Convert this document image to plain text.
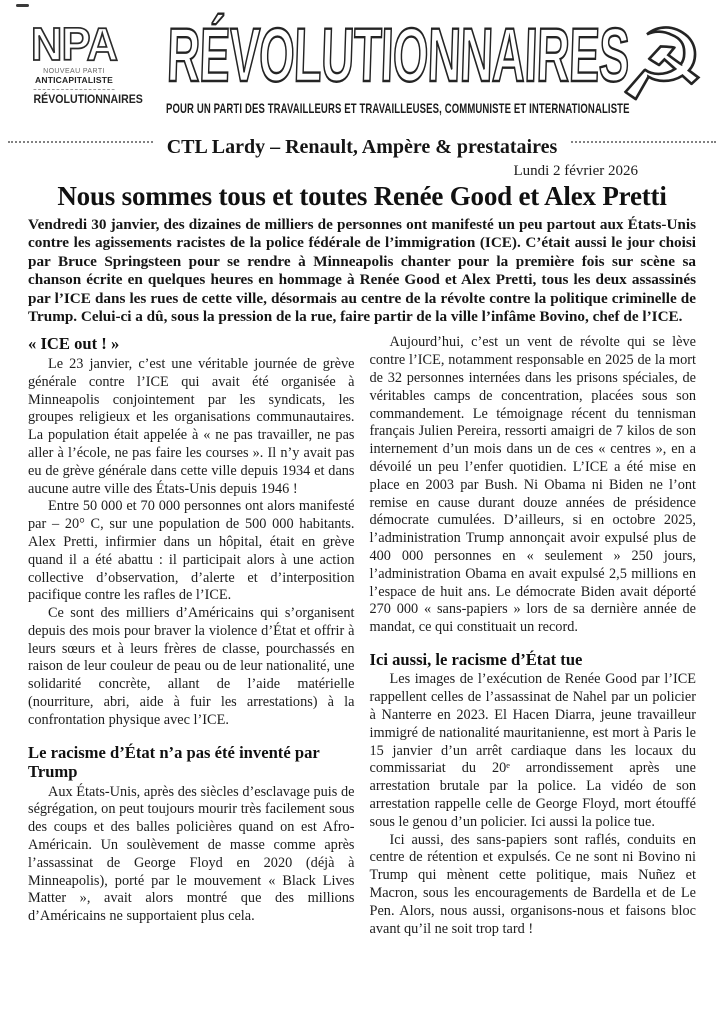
NPA
NOUVEAU PARTI
ANTICAPITALISTE
RÉVOLUTIONNAIRES
RÉVOLUTIONNAIRES
POUR UN PARTI DES TRAVAILLEURS ET TRAVAILLEUSES, COMMUNISTE ET INTERNATIONALISTE
☭
CTL Lardy – Renault, Ampère & prestataires
Lundi 2 février 2026
Nous sommes tous et toutes Renée Good et Alex Pretti
Vendredi 30 janvier, des dizaines de milliers de personnes ont manifesté un peu partout aux États-Unis contre les agissements racistes de la police fédérale de l’immigration (ICE). C’était aussi le jour choisi par Bruce Springsteen pour se rendre à Minneapolis chanter pour la première fois sur scène sa chanson écrite en quelques heures en hommage à Renée Good et Alex Pretti, tous les deux assassinés par l’ICE dans les rues de cette ville, désormais au centre de la révolte contre la politique criminelle de Trump. Celui-ci a dû, sous la pression de la rue, faire partir de la ville l’infâme Bovino, chef de l’ICE.
« ICE out ! »

Le 23 janvier, c’est une véritable journée de grève générale contre l’ICE qui avait été organisée à Minneapolis conjointement par les syndicats, les groupes religieux et les organisations communautaires. La population était appelée à « ne pas travailler, ne pas aller à l’école, ne pas faire les courses ». Il n’y avait pas eu de grève générale dans cette ville depuis 1934 et dans aucune autre ville des États-Unis depuis 1946 !

Entre 50 000 et 70 000 personnes ont alors manifesté par – 20° C, sur une population de 500 000 habitants. Alex Pretti, infirmier dans un hôpital, était en grève quand il a été abattu : il participait alors à une action collective d’observation, d’alerte et d’interposition pacifique contre les rafles de l’ICE.

Ce sont des milliers d’Américains qui s’organisent depuis des mois pour braver la violence d’État et offrir à leurs sœurs et à leurs frères de classe, pourchassés en raison de leur couleur de peau ou de leur nationalité, une solidarité concrète, allant de l’aide matérielle (nourriture, abri, aide à fuir les arrestations) à la confrontation physique avec l’ICE.

Le racisme d’État n’a pas été inventé par Trump

Aux États-Unis, après des siècles d’esclavage puis de ségrégation, on peut toujours mourir très facilement sous des coups et des balles policières quand on est Afro-Américain. Un soulèvement de masse comme après l’assassinat de George Floyd en 2020 (déjà à Minneapolis), porté par le mouvement « Black Lives Matter », avait alors montré que des millions d’Américains ne supportaient plus cela.

Aujourd’hui, c’est un vent de révolte qui se lève contre l’ICE, notamment responsable en 2025 de la mort de 32 personnes internées dans les prisons spéciales, de véritables camps de concentration, placées sous son commandement. Le témoignage récent du tennisman français Julien Pereira, ressorti amaigri de 7 kilos de son internement d’un mois dans un de ces « centres », en a dévoilé un peu l’enfer quotidien. L’ICE a été mise en place en 2003 par Bush. Ni Obama ni Biden ne l’ont remise en cause durant douze années de présidence démocrate cumulées. D’ailleurs, si en octobre 2025, l’administration Trump annonçait avoir expulsé plus de 400 000 personnes en « seulement » 250 jours, l’administration Obama en avait expulsé 2,5 millions en l’espace de huit ans. Le démocrate Biden avait déporté 270 000 « sans-papiers » lors de sa dernière année de mandat, ce qui constituait un record.

Ici aussi, le racisme d’État tue

Les images de l’exécution de Renée Good par l’ICE rappellent celles de l’assassinat de Nahel par un policier à Nanterre en 2023. El Hacen Diarra, jeune travailleur immigré de nationalité mauritanienne, est mort à Paris le 15 janvier d’un arrêt cardiaque dans les locaux du commissariat du 20ᵉ arrondissement après une arrestation brutale par la police. La vidéo de son arrestation rappelle celle de George Floyd, mort étouffé sous le genou d’un policier. Ici aussi la police tue.

Ici aussi, des sans-papiers sont raflés, conduits en centre de rétention et expulsés. Ce ne sont ni Bovino ni Trump qui mènent cette politique, mais Nuñez et Macron, sous les encouragements de Bardella et de Le Pen. Alors, nous aussi, organisons-nous et faisons bloc avant qu’il ne soit trop tard !
